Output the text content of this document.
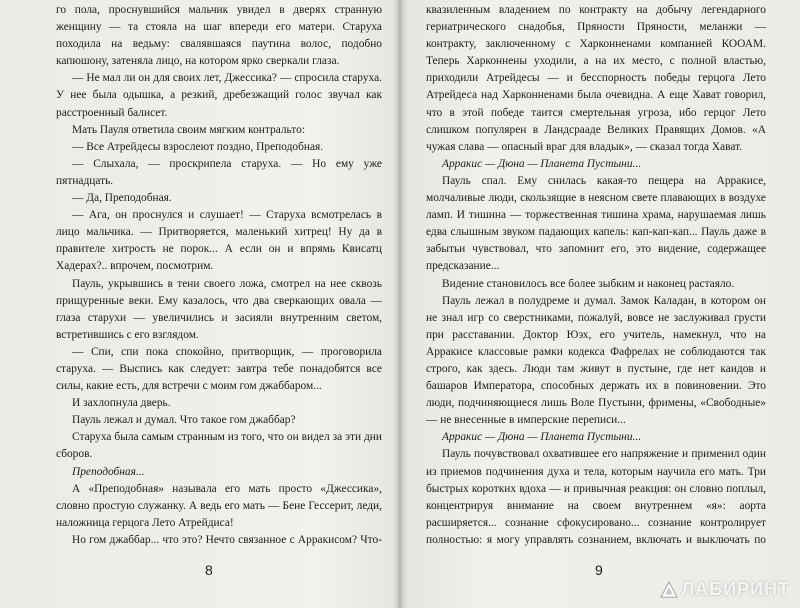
го пола, проснувшийся мальчик увидел в дверях странную женщину — та стояла на шаг впереди его матери. Старуха походила на ведьму: свалявшаяся паутина волос, подобно капюшону, затеняла лицо, на котором ярко сверкали глаза.

— Не мал ли он для своих лет, Джессика? — спросила старуха. У нее была одышка, а резкий, дребезжащий голос звучал как расстроенный балисет.

Мать Пауля ответила своим мягким контральто:

— Все Атрейдесы взрослеют поздно, Преподобная.

— Слыхала, — проскрипела старуха. — Но ему уже пятнадцать.

— Да, Преподобная.

— Ага, он проснулся и слушает! — Старуха всмотрелась в лицо мальчика. — Притворяется, маленький хитрец! Ну да в правителе хитрость не порок... А если он и впрямь Квисатц Хадерах?.. впрочем, посмотрим.

Пауль, укрывшись в тени своего ложа, смотрел на нее сквозь прищуренные веки. Ему казалось, что два сверкающих овала — глаза старухи — увеличились и засияли внутренним светом, встретившись с его взглядом.

— Спи, спи пока спокойно, притворщик, — проговорила старуха. — Выспись как следует: завтра тебе понадобятся все силы, какие есть, для встречи с моим гом джаббаром...

И захлопнула дверь.

Пауль лежал и думал. Что такое гом джаббар?

Старуха была самым странным из того, что он видел за эти дни сборов.

Преподобная...

А «Преподобная» называла его мать просто «Джессика», словно простую служанку. А ведь его мать — Бене Гессерит, леди, наложница герцога Лето Атрейдиса!

Но гом джаббар... что это? Нечто связанное с Арракисом? Что-

8

квазиленным владением по контракту на добычу легендарного гериатрического снадобья, Пряности Пряности, меланжи — контракту, заключенному с Харконненами компанией КООАМ. Теперь Харконнены уходили, а на их место, с полной властью, приходили Атрейдесы — и бесспорность победы герцога Лето Атрейдеса над Харконненами была очевидна. А еще Хават говорил, что в этой победе таится смертельная угроза, ибо герцог Лето слишком популярен в Ландсрааде Великих Правящих Домов. «А чужая слава — опасный враг для владык», — сказал тогда Хават.

Арракис — Дюна — Планета Пустыни...

Пауль спал. Ему снилась какая-то пещера на Арракисе, молчаливые люди, скользящие в неясном свете плавающих в воздухе ламп. И тишина — торжественная тишина храма, нарушаемая лишь едва слышным звуком падающих капель: кап-кап-кап... Пауль даже в забытьи чувствовал, что запомнит его, это видение, содержащее предсказание...

Видение становилось все более зыбким и наконец растаяло.

Пауль лежал в полудреме и думал. Замок Каладан, в котором он не знал игр со сверстниками, пожалуй, вовсе не заслуживал грусти при расставании. Доктор Юэх, его учитель, намекнул, что на Арракисе классовые рамки кодекса Фафрелах не соблюдаются так строго, как здесь. Люди там живут в пустыне, где нет каидов и башаров Императора, способных держать их в повиновении. Это люди, подчиняющиеся лишь Воле Пустыни, фримены, «Свободные» — не внесенные в имперские переписи...

Арракис — Дюна — Планета Пустыни...

Пауль почувствовал охватившее его напряжение и применил один из приемов подчинения духа и тела, которым научила его мать. Три быстрых коротких вдоха — и привычная реакция: он словно поплыл, концентрируя внимание на своем внутреннем «я»: аорта расширяется... сознание сфокусировано... сознание контролирует полностью: я могу управлять сознанием, включать и выключать по

9
ЛАБИРИНТ
